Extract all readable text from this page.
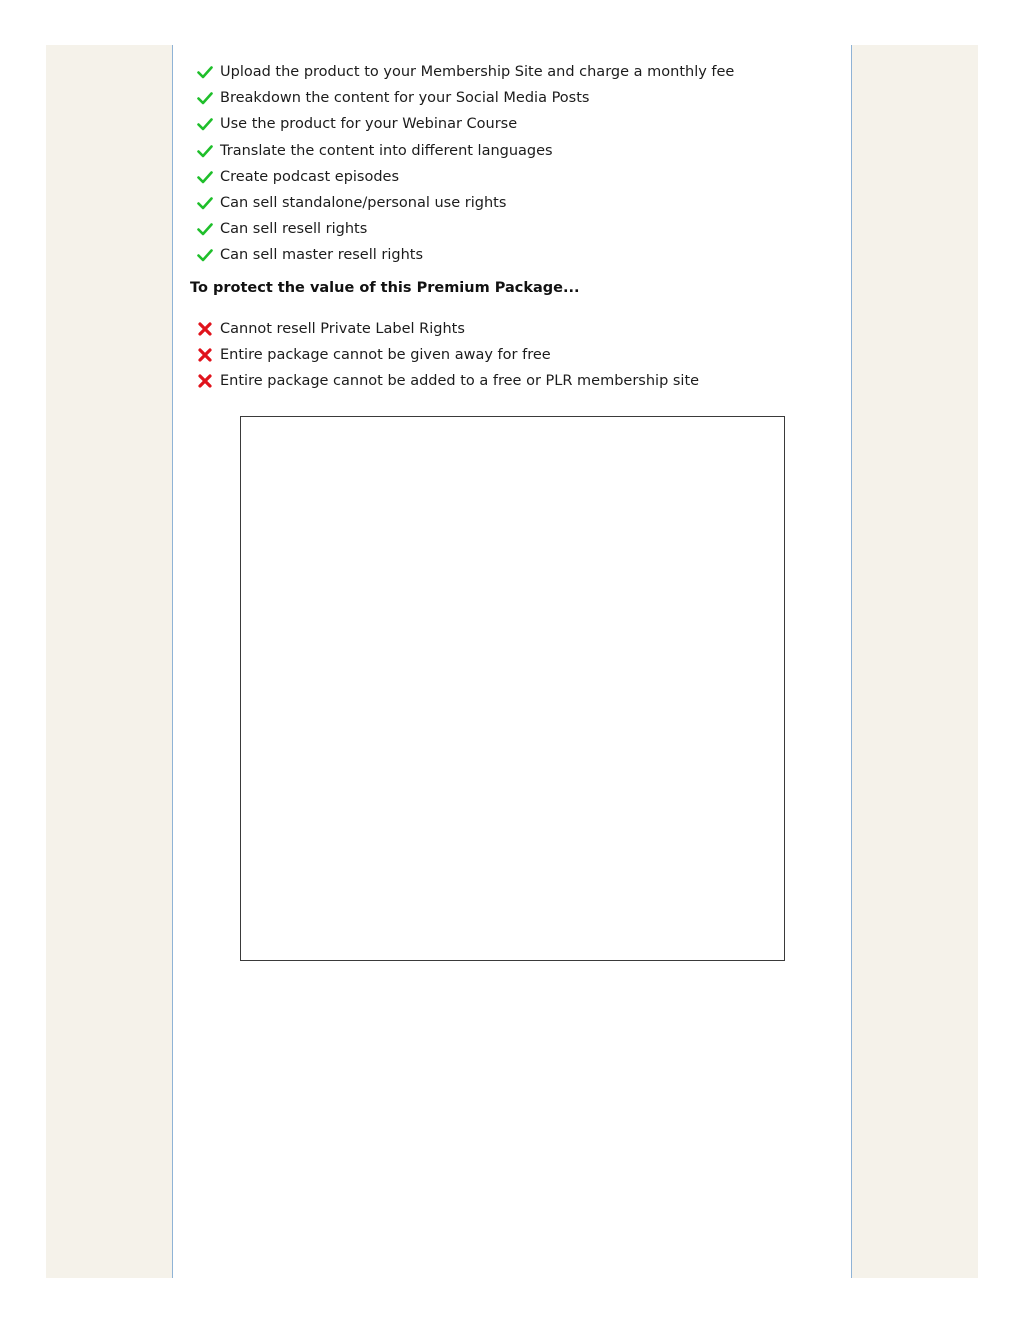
Upload the product to your Membership Site and charge a monthly fee
Breakdown the content for your Social Media Posts
Use the product for your Webinar Course
Translate the content into different languages
Create podcast episodes
Can sell standalone/personal use rights
Can sell resell rights
Can sell master resell rights

To protect the value of this Premium Package...

Cannot resell Private Label Rights
Entire package cannot be given away for free
Entire package cannot be added to a free or PLR membership site
